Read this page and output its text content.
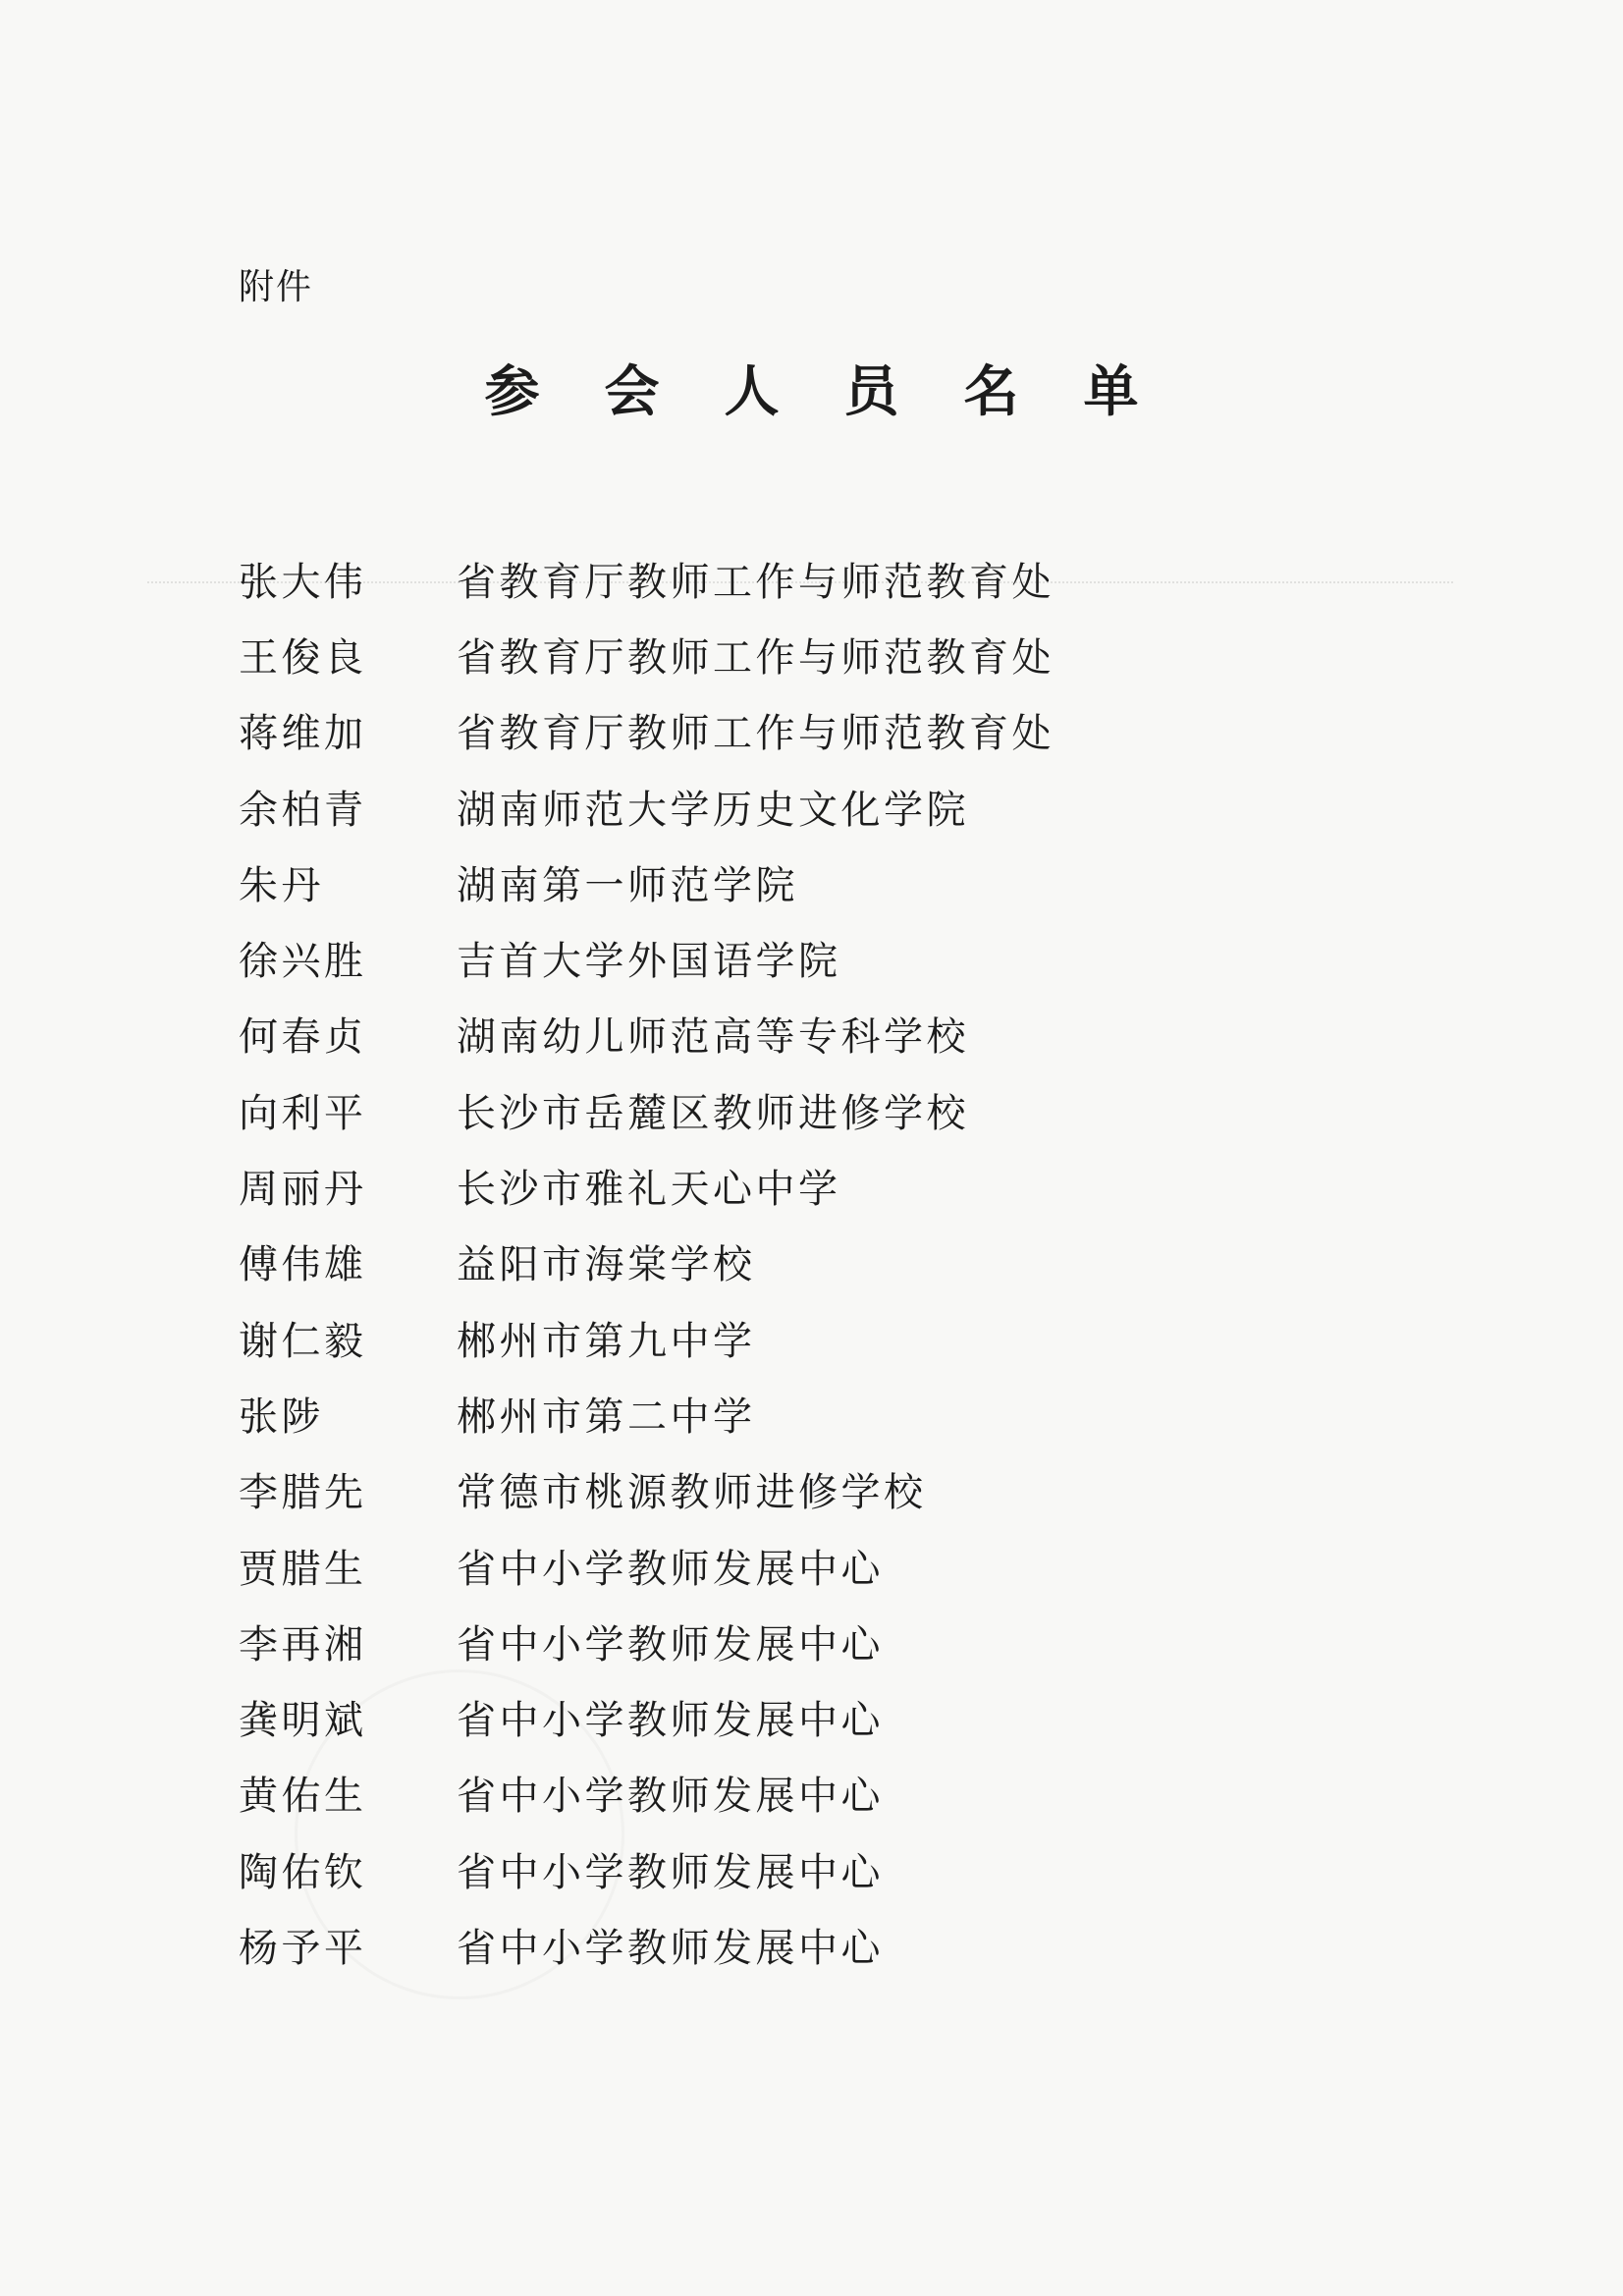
附件
参会人员名单
张大伟	省教育厅教师工作与师范教育处
王俊良	省教育厅教师工作与师范教育处
蒋维加	省教育厅教师工作与师范教育处
余柏青	湖南师范大学历史文化学院
朱丹	湖南第一师范学院
徐兴胜	吉首大学外国语学院
何春贞	湖南幼儿师范高等专科学校
向利平	长沙市岳麓区教师进修学校
周丽丹	长沙市雅礼天心中学
傅伟雄	益阳市海棠学校
谢仁毅	郴州市第九中学
张陟	郴州市第二中学
李腊先	常德市桃源教师进修学校
贾腊生	省中小学教师发展中心
李再湘	省中小学教师发展中心
龚明斌	省中小学教师发展中心
黄佑生	省中小学教师发展中心
陶佑钦	省中小学教师发展中心
杨予平	省中小学教师发展中心
